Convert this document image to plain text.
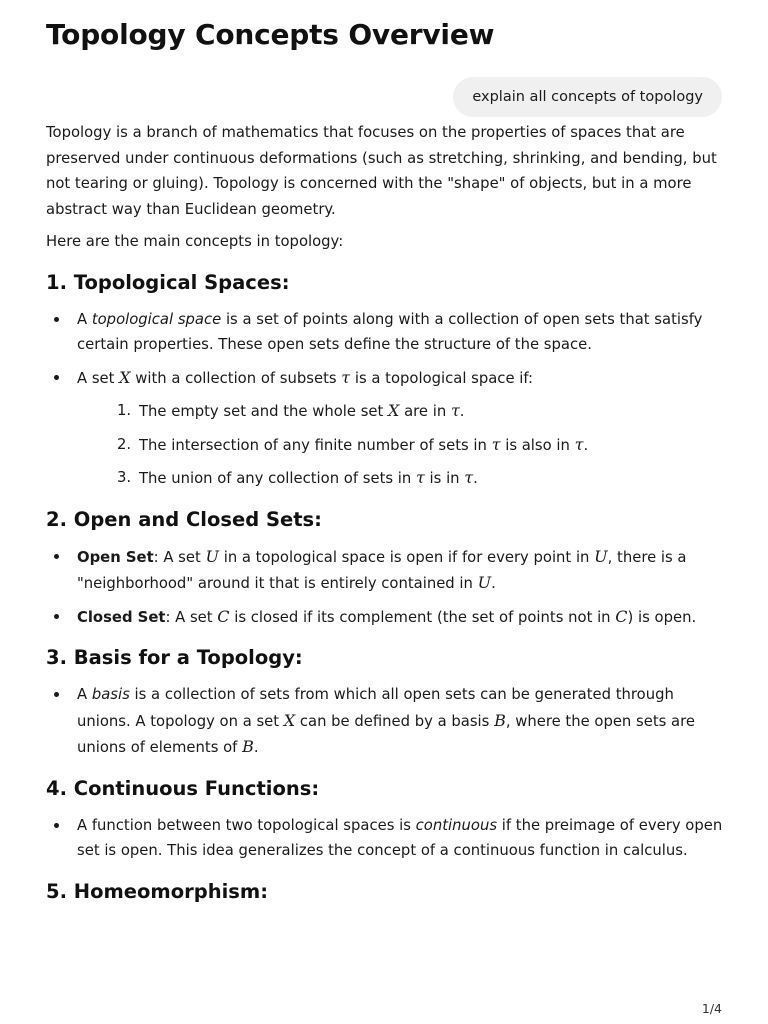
Topology Concepts Overview
explain all concepts of topology

Topology is a branch of mathematics that focuses on the properties of spaces that are preserved under continuous deformations (such as stretching, shrinking, and bending, but not tearing or gluing). Topology is concerned with the "shape" of objects, but in a more abstract way than Euclidean geometry.

Here are the main concepts in topology:

1. Topological Spaces:
A topological space is a set of points along with a collection of open sets that satisfy certain properties. These open sets define the structure of the space.
A set X with a collection of subsets τ is a topological space if:
1. The empty set and the whole set X are in τ.
2. The intersection of any finite number of sets in τ is also in τ.
3. The union of any collection of sets in τ is in τ.
2. Open and Closed Sets:
Open Set: A set U in a topological space is open if for every point in U, there is a "neighborhood" around it that is entirely contained in U.
Closed Set: A set C is closed if its complement (the set of points not in C) is open.
3. Basis for a Topology:
A basis is a collection of sets from which all open sets can be generated through unions. A topology on a set X can be defined by a basis B, where the open sets are unions of elements of B.
4. Continuous Functions:
A function between two topological spaces is continuous if the preimage of every open set is open. This idea generalizes the concept of a continuous function in calculus.
5. Homeomorphism:
1/4
